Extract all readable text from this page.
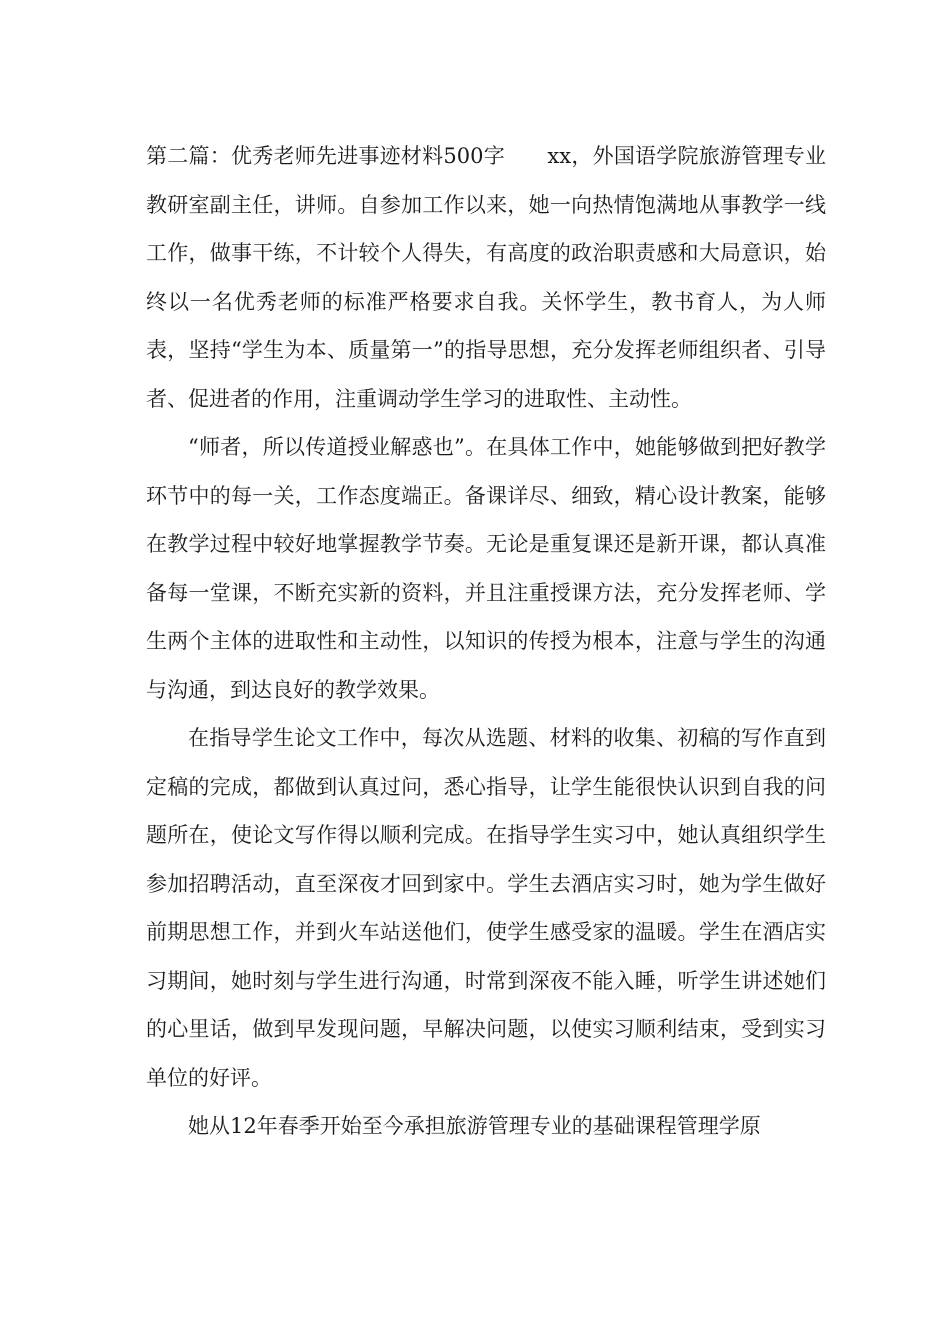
第二篇：优秀老师先进事迹材料500字　　xx，外国语学院旅游管理专业教研室副主任，讲师。自参加工作以来，她一向热情饱满地从事教学一线工作，做事干练，不计较个人得失，有高度的政治职责感和大局意识，始终以一名优秀老师的标准严格要求自我。关怀学生，教书育人，为人师表，坚持“学生为本、质量第一”的指导思想，充分发挥老师组织者、引导者、促进者的作用，注重调动学生学习的进取性、主动性。

“师者，所以传道授业解惑也”。在具体工作中，她能够做到把好教学环节中的每一关，工作态度端正。备课详尽、细致，精心设计教案，能够在教学过程中较好地掌握教学节奏。无论是重复课还是新开课，都认真准备每一堂课，不断充实新的资料，并且注重授课方法，充分发挥老师、学生两个主体的进取性和主动性，以知识的传授为根本，注意与学生的沟通与沟通，到达良好的教学效果。

在指导学生论文工作中，每次从选题、材料的收集、初稿的写作直到定稿的完成，都做到认真过问，悉心指导，让学生能很快认识到自我的问题所在，使论文写作得以顺利完成。在指导学生实习中，她认真组织学生参加招聘活动，直至深夜才回到家中。学生去酒店实习时，她为学生做好前期思想工作，并到火车站送他们，使学生感受家的温暖。学生在酒店实习期间，她时刻与学生进行沟通，时常到深夜不能入睡，听学生讲述她们的心里话，做到早发现问题，早解决问题，以使实习顺利结束，受到实习单位的好评。

她从12年春季开始至今承担旅游管理专业的基础课程管理学原
